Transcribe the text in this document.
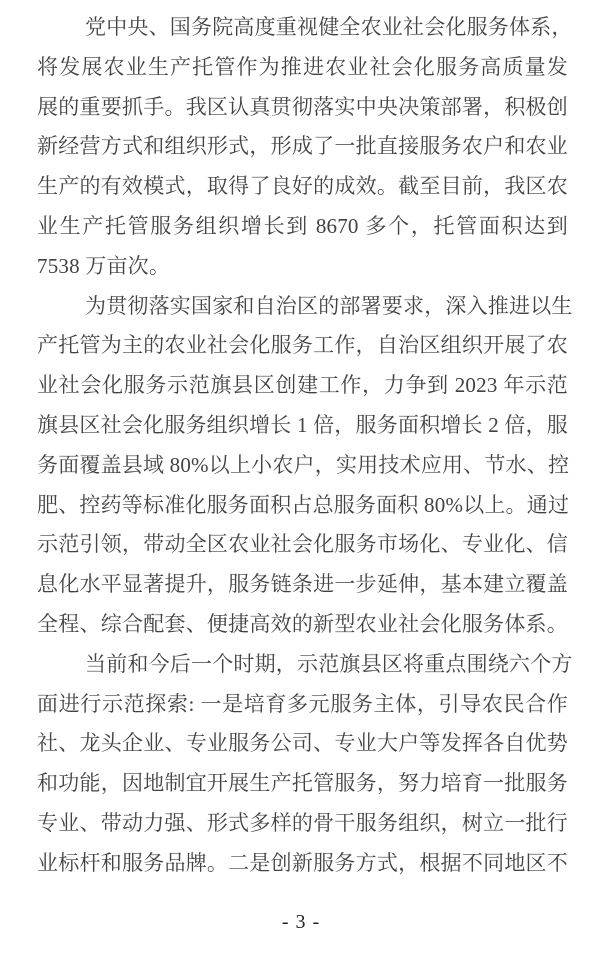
党中央、国务院高度重视健全农业社会化服务体系，
将发展农业生产托管作为推进农业社会化服务高质量发
展的重要抓手。我区认真贯彻落实中央决策部署，积极创
新经营方式和组织形式，形成了一批直接服务农户和农业
生产的有效模式，取得了良好的成效。截至目前，我区农
业生产托管服务组织增长到 8670 多个，托管面积达到
7538 万亩次。
为贯彻落实国家和自治区的部署要求，深入推进以生
产托管为主的农业社会化服务工作，自治区组织开展了农
业社会化服务示范旗县区创建工作，力争到 2023 年示范
旗县区社会化服务组织增长 1 倍，服务面积增长 2 倍，服
务面覆盖县域 80%以上小农户，实用技术应用、节水、控
肥、控药等标准化服务面积占总服务面积 80%以上。通过
示范引领，带动全区农业社会化服务市场化、专业化、信
息化水平显著提升，服务链条进一步延伸，基本建立覆盖
全程、综合配套、便捷高效的新型农业社会化服务体系。
当前和今后一个时期，示范旗县区将重点围绕六个方
面进行示范探索: 一是培育多元服务主体，引导农民合作
社、龙头企业、专业服务公司、专业大户等发挥各自优势
和功能，因地制宜开展生产托管服务，努力培育一批服务
专业、带动力强、形式多样的骨干服务组织，树立一批行
业标杆和服务品牌。二是创新服务方式，根据不同地区不
- 3 -
